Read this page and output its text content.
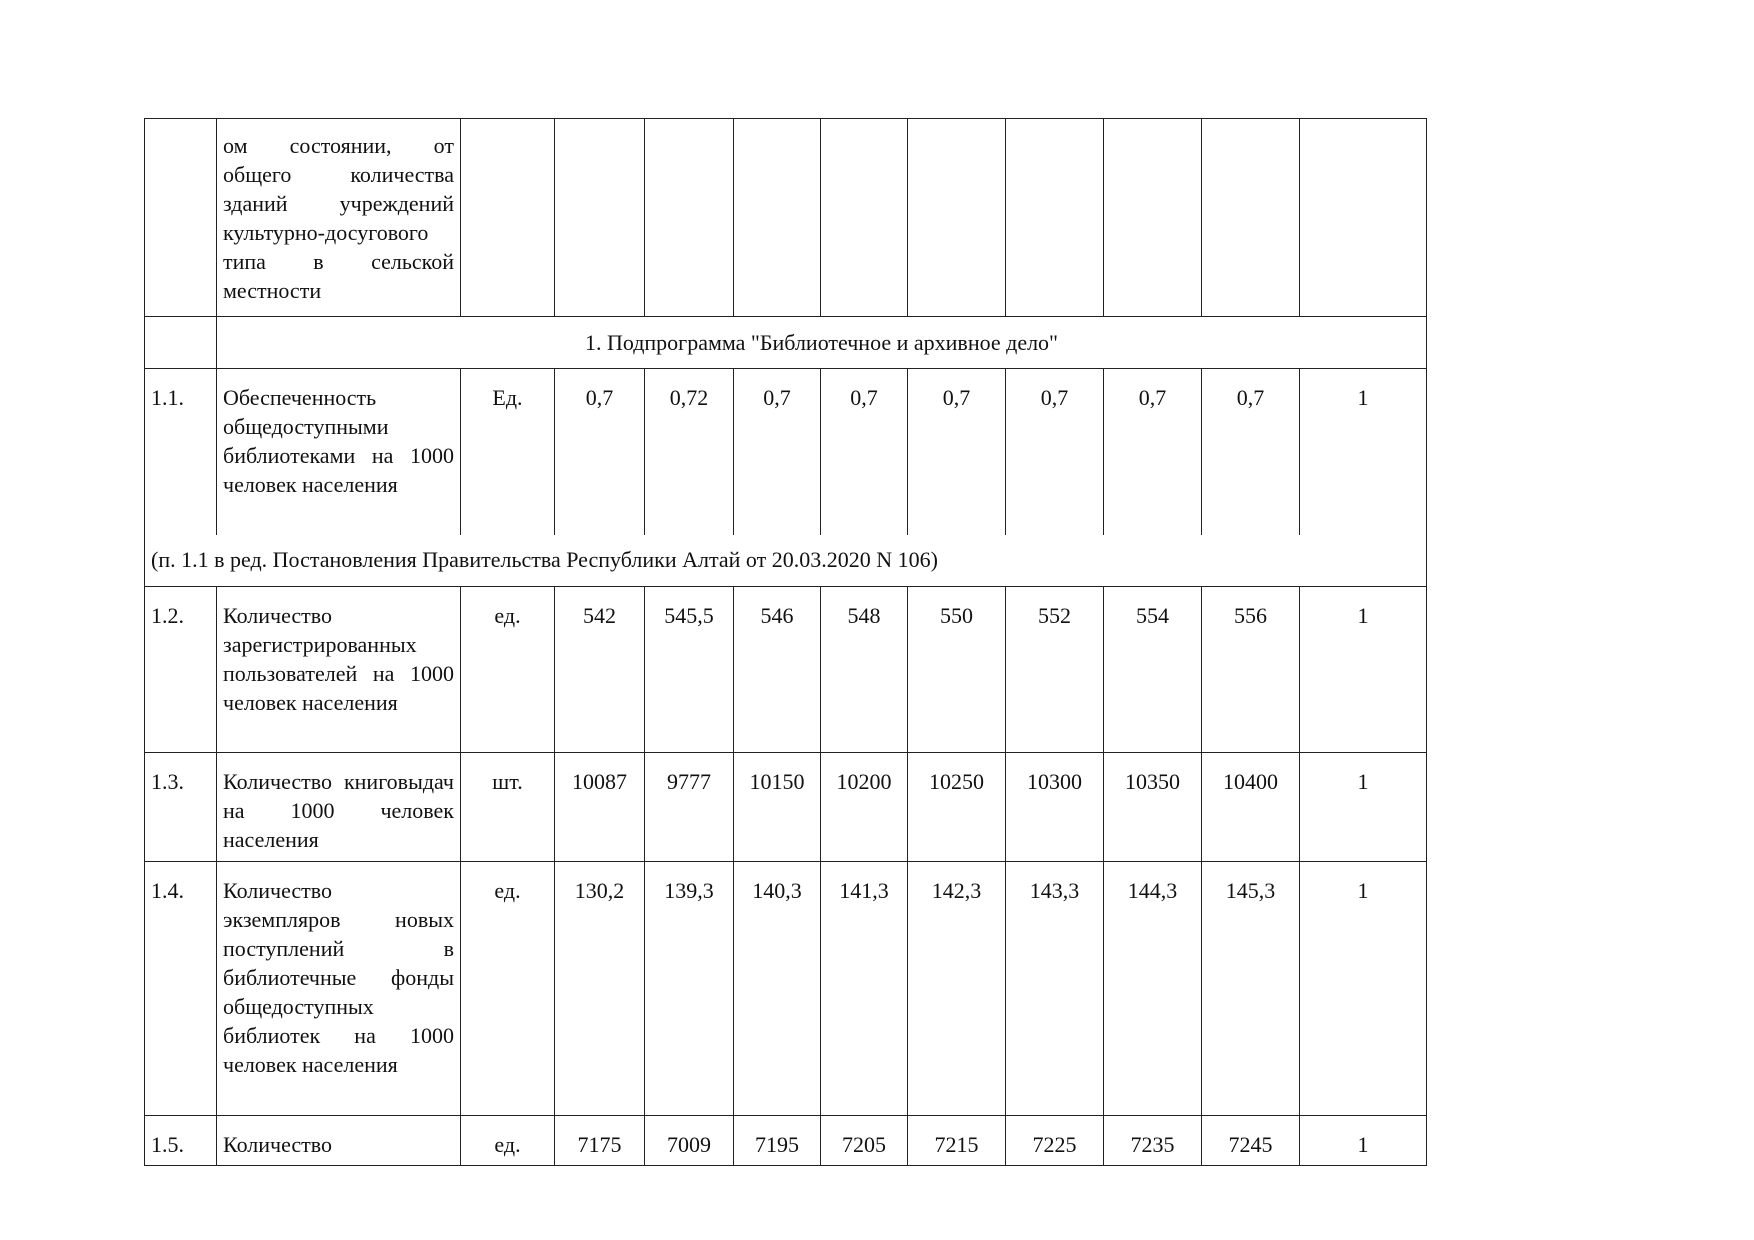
	ом состоянии, от общего количества зданий учреждений культурно-досугового типа в сельской местности										

	1. Подпрограмма "Библиотечное и архивное дело"										
1.1.	Обеспеченность общедоступными библиотеками на 1000 человек населения	Ед.	0,7	0,72	0,7	0,7	0,7	0,7	0,7	0,7	1
(п. 1.1 в ред. Постановления Правительства Республики Алтай от 20.03.2020 N 106)											
1.2.	Количество зарегистрированных пользователей на 1000 человек населения	ед.	542	545,5	546	548	550	552	554	556	1
1.3.	Количество книговыдач на 1000 человек населения	шт.	10087	9777	10150	10200	10250	10300	10350	10400	1
1.4.	Количество экземпляров новых поступлений в библиотечные фонды общедоступных библиотек на 1000 человек населения	ед.	130,2	139,3	140,3	141,3	142,3	143,3	144,3	145,3	1
1.5.	Количество	ед.	7175	7009	7195	7205	7215	7225	7235	7245	1
